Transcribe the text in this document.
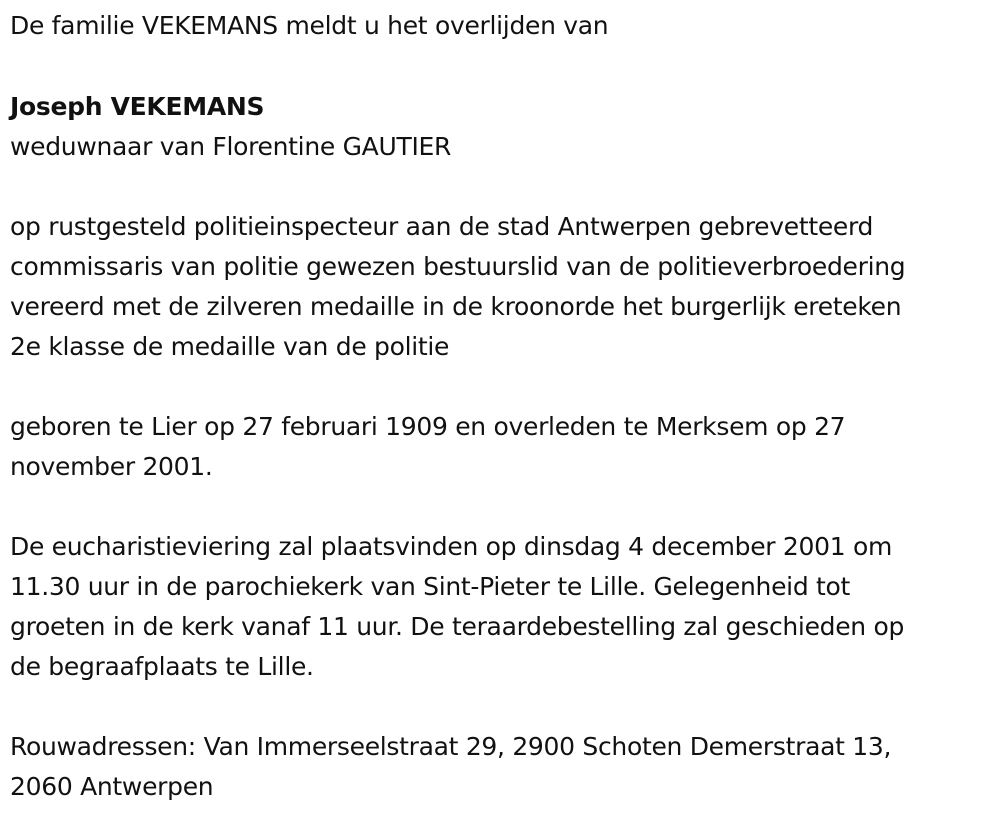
De familie VEKEMANS meldt u het overlijden van
Joseph VEKEMANS
weduwnaar van Florentine GAUTIER
op rustgesteld politieinspecteur aan de stad Antwerpen gebrevetteerd
commissaris van politie gewezen bestuurslid van de politieverbroedering
vereerd met de zilveren medaille in de kroonorde het burgerlijk ereteken
2e klasse de medaille van de politie
geboren te Lier op 27 februari 1909 en overleden te Merksem op 27
november 2001.
De eucharistieviering zal plaatsvinden op dinsdag 4 december 2001 om
11.30 uur in de parochiekerk van Sint-Pieter te Lille. Gelegenheid tot
groeten in de kerk vanaf 11 uur. De teraardebestelling zal geschieden op
de begraafplaats te Lille.
Rouwadressen: Van Immerseelstraat 29, 2900 Schoten Demerstraat 13,
2060 Antwerpen
